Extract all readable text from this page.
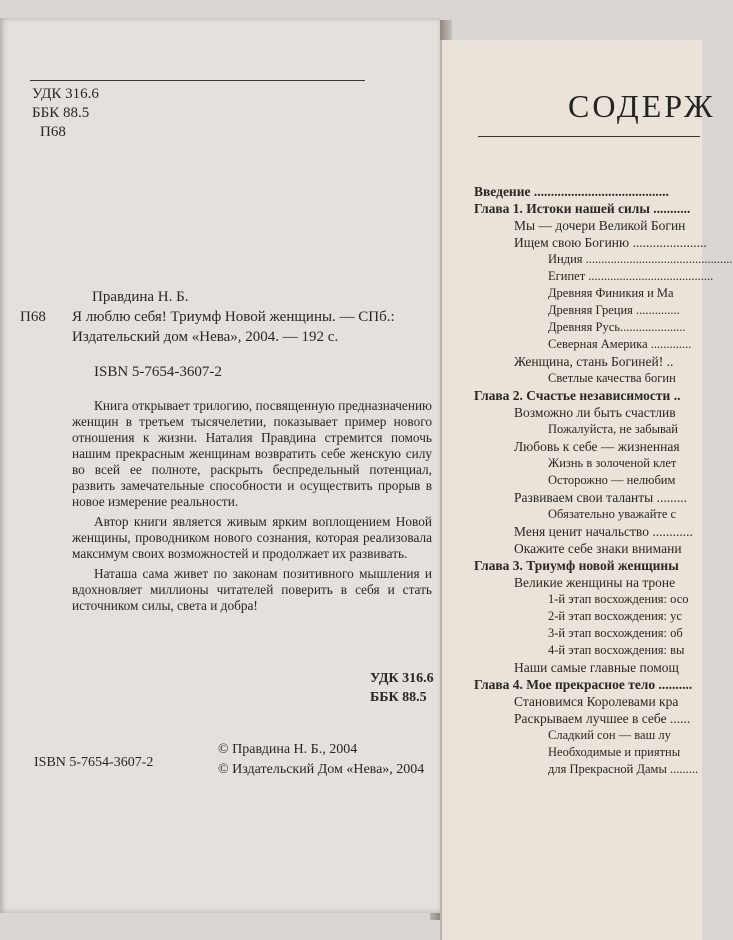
УДК 316.6
ББК 88.5
П68
Правдина Н. Б.
П68 Я люблю себя! Триумф Новой женщины. — СПб.:
Издательский дом «Нева», 2004. — 192 с.
ISBN 5-7654-3607-2

Книга открывает трилогию, посвященную предназначению женщин в третьем тысячелетии, показывает пример нового отношения к жизни. Наталия Правдина стремится помочь нашим прекрасным женщинам возвратить себе женскую силу во всей ее полноте, раскрыть беспредельный потенциал, развить замечательные способности и осуществить прорыв в новое измерение реальности.

Автор книги является живым ярким воплощением Новой женщины, проводником нового сознания, которая реализовала максимум своих возможностей и продолжает их развивать.

Наташа сама живет по законам позитивного мышления и вдохновляет миллионы читателей поверить в себя и стать источником силы, света и добра!

УДК 316.6
ББК 88.5
ISBN 5-7654-3607-2
© Правдина Н. Б., 2004
© Издательский Дом «Нева», 2004
СОДЕРЖ
Введение ........................................
Глава 1. Истоки нашей силы ...........
Мы — дочери Великой Богин
Ищем свою Богиню ......................
Индия ...............................................
Египет ........................................
Древняя Финикия и Ма
Древняя Греция ..............
Древняя Русь.....................
Северная Америка .............
Женщина, стань Богиней! ..
Светлые качества богин
Глава 2. Счастье независимости ..
Возможно ли быть счастлив
Пожалуйста, не забывай
Любовь к себе — жизненная
Жизнь в золоченой клет
Осторожно — нелюбим
Развиваем свои таланты .........
Обязательно уважайте с
Меня ценит начальство ............
Окажите себе знаки внимани
Глава 3. Триумф новой женщины
Великие женщины на троне
1-й этап восхождения: осо
2-й этап восхождения: ус
3-й этап восхождения: об
4-й этап восхождения: вы
Наши самые главные помощ
Глава 4. Мое прекрасное тело ..........
Становимся Королевами кра
Раскрываем лучшее в себе ......
Сладкий сон — ваш лу
Необходимые и приятны
для Прекрасной Дамы .........
